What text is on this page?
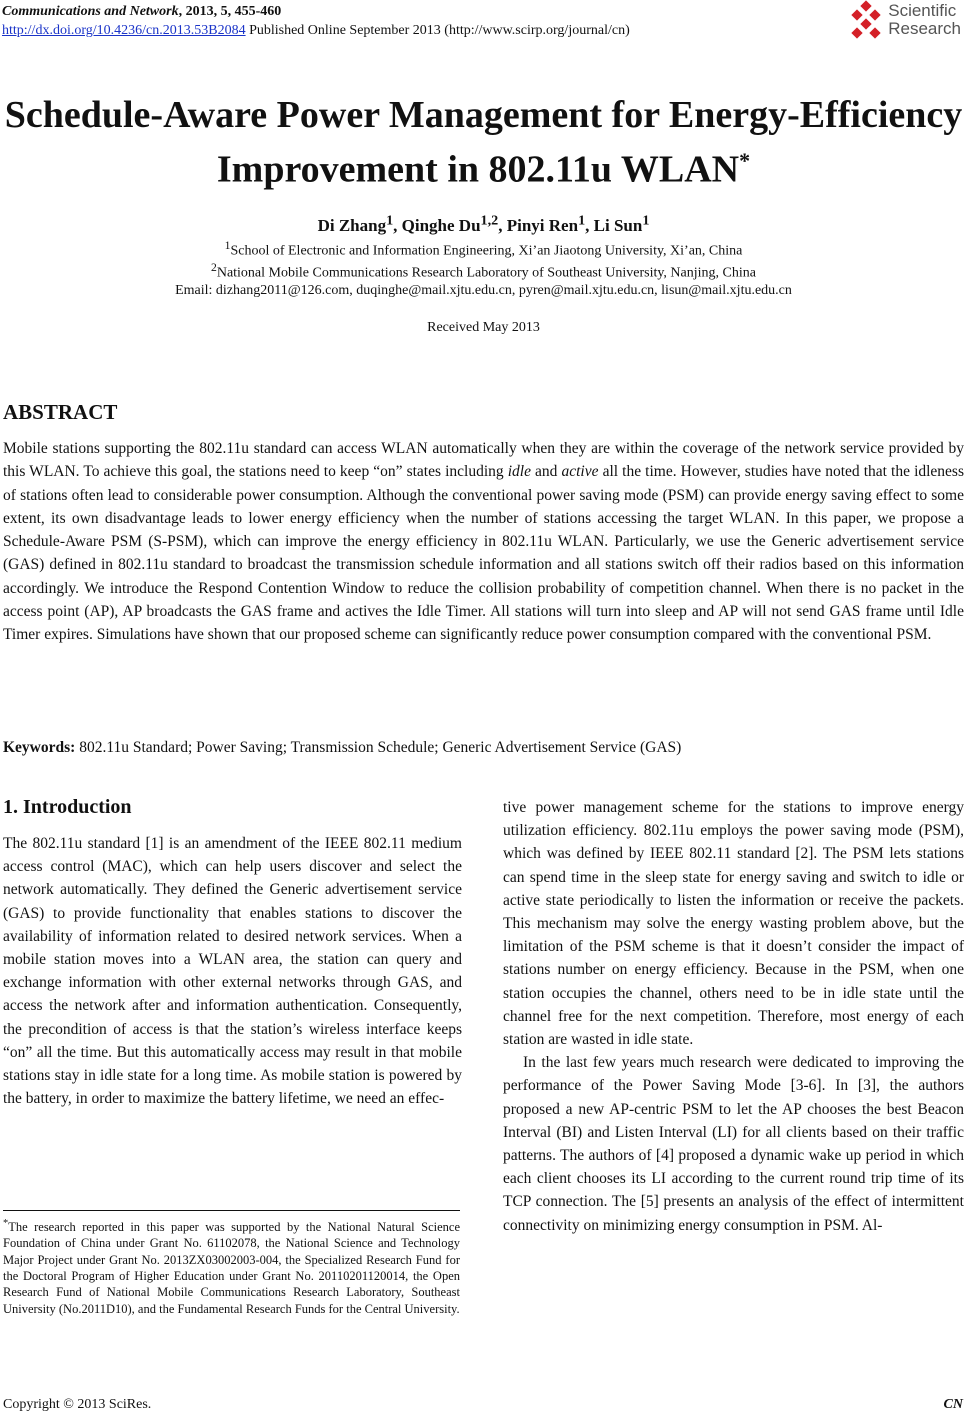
Communications and Network, 2013, 5, 455-460
http://dx.doi.org/10.4236/cn.2013.53B2084 Published Online September 2013 (http://www.scirp.org/journal/cn)
Scientific
Research
Schedule-Aware Power Management for Energy-Efficiency
Improvement in 802.11u WLAN*
Di Zhang$^1$, Qinghe Du$^{1,2}$, Pinyi Ren$^1$, Li Sun$^1$
$^1$School of Electronic and Information Engineering, Xi’an Jiaotong University, Xi’an, China
$^2$National Mobile Communications Research Laboratory of Southeast University, Nanjing, China
Email: dizhang2011@126.com, duqinghe@mail.xjtu.edu.cn, pyren@mail.xjtu.edu.cn, lisun@mail.xjtu.edu.cn
Received May 2013
ABSTRACT
Mobile stations supporting the 802.11u standard can access WLAN automatically when they are within the coverage of the network service provided by this WLAN. To achieve this goal, the stations need to keep “on” states including idle and active all the time. However, studies have noted that the idleness of stations often lead to considerable power consumption. Although the conventional power saving mode (PSM) can provide energy saving effect to some extent, its own disadvantage leads to lower energy efficiency when the number of stations accessing the target WLAN. In this paper, we propose a Schedule-Aware PSM (S-PSM), which can improve the energy efficiency in 802.11u WLAN. Particularly, we use the Generic advertisement service (GAS) defined in 802.11u standard to broadcast the transmission schedule information and all stations switch off their radios based on this information accordingly. We introduce the Respond Contention Window to reduce the collision probability of competition channel. When there is no packet in the access point (AP), AP broadcasts the GAS frame and actives the Idle Timer. All stations will turn into sleep and AP will not send GAS frame until Idle Timer expires. Simulations have shown that our proposed scheme can significantly reduce power consumption compared with the conventional PSM.
Keywords: 802.11u Standard; Power Saving; Transmission Schedule; Generic Advertisement Service (GAS)
1. Introduction

The 802.11u standard [1] is an amendment of the IEEE 802.11 medium access control (MAC), which can help users discover and select the network automatically. They defined the Generic advertisement service (GAS) to provide functionality that enables stations to discover the availability of information related to desired network services. When a mobile station moves into a WLAN area, the station can query and exchange information with other external networks through GAS, and access the network after and information authentication. Consequently, the precondition of access is that the station’s wireless interface keeps “on” all the time. But this automatically access may result in that mobile stations stay in idle state for a long time. As mobile station is powered by the battery, in order to maximize the battery lifetime, we need an effec-

tive power management scheme for the stations to improve energy utilization efficiency. 802.11u employs the power saving mode (PSM), which was defined by IEEE 802.11 standard [2]. The PSM lets stations can spend time in the sleep state for energy saving and switch to idle or active state periodically to listen the information or receive the packets. This mechanism may solve the energy wasting problem above, but the limitation of the PSM scheme is that it doesn’t consider the impact of stations number on energy efficiency. Because in the PSM, when one station occupies the channel, others need to be in idle state until the channel free for the next competition. Therefore, most energy of each station are wasted in idle state.

In the last few years much research were dedicated to improving the performance of the Power Saving Mode [3-6]. In [3], the authors proposed a new AP-centric PSM to let the AP chooses the best Beacon Interval (BI) and Listen Interval (LI) for all clients based on their traffic patterns. The authors of [4] proposed a dynamic wake up period in which each client chooses its LI according to the current round trip time of its TCP connection. The [5] presents an analysis of the effect of intermittent connectivity on minimizing energy consumption in PSM. Al-

*The research reported in this paper was supported by the National Natural Science Foundation of China under Grant No. 61102078, the National Science and Technology Major Project under Grant No. 2013ZX03002003-004, the Specialized Research Fund for the Doctoral Program of Higher Education under Grant No. 20110201120014, the Open Research Fund of National Mobile Communications Research Laboratory, Southeast University (No.2011D10), and the Fundamental Research Funds for the Central University.
Copyright © 2013 SciRes.	CN
